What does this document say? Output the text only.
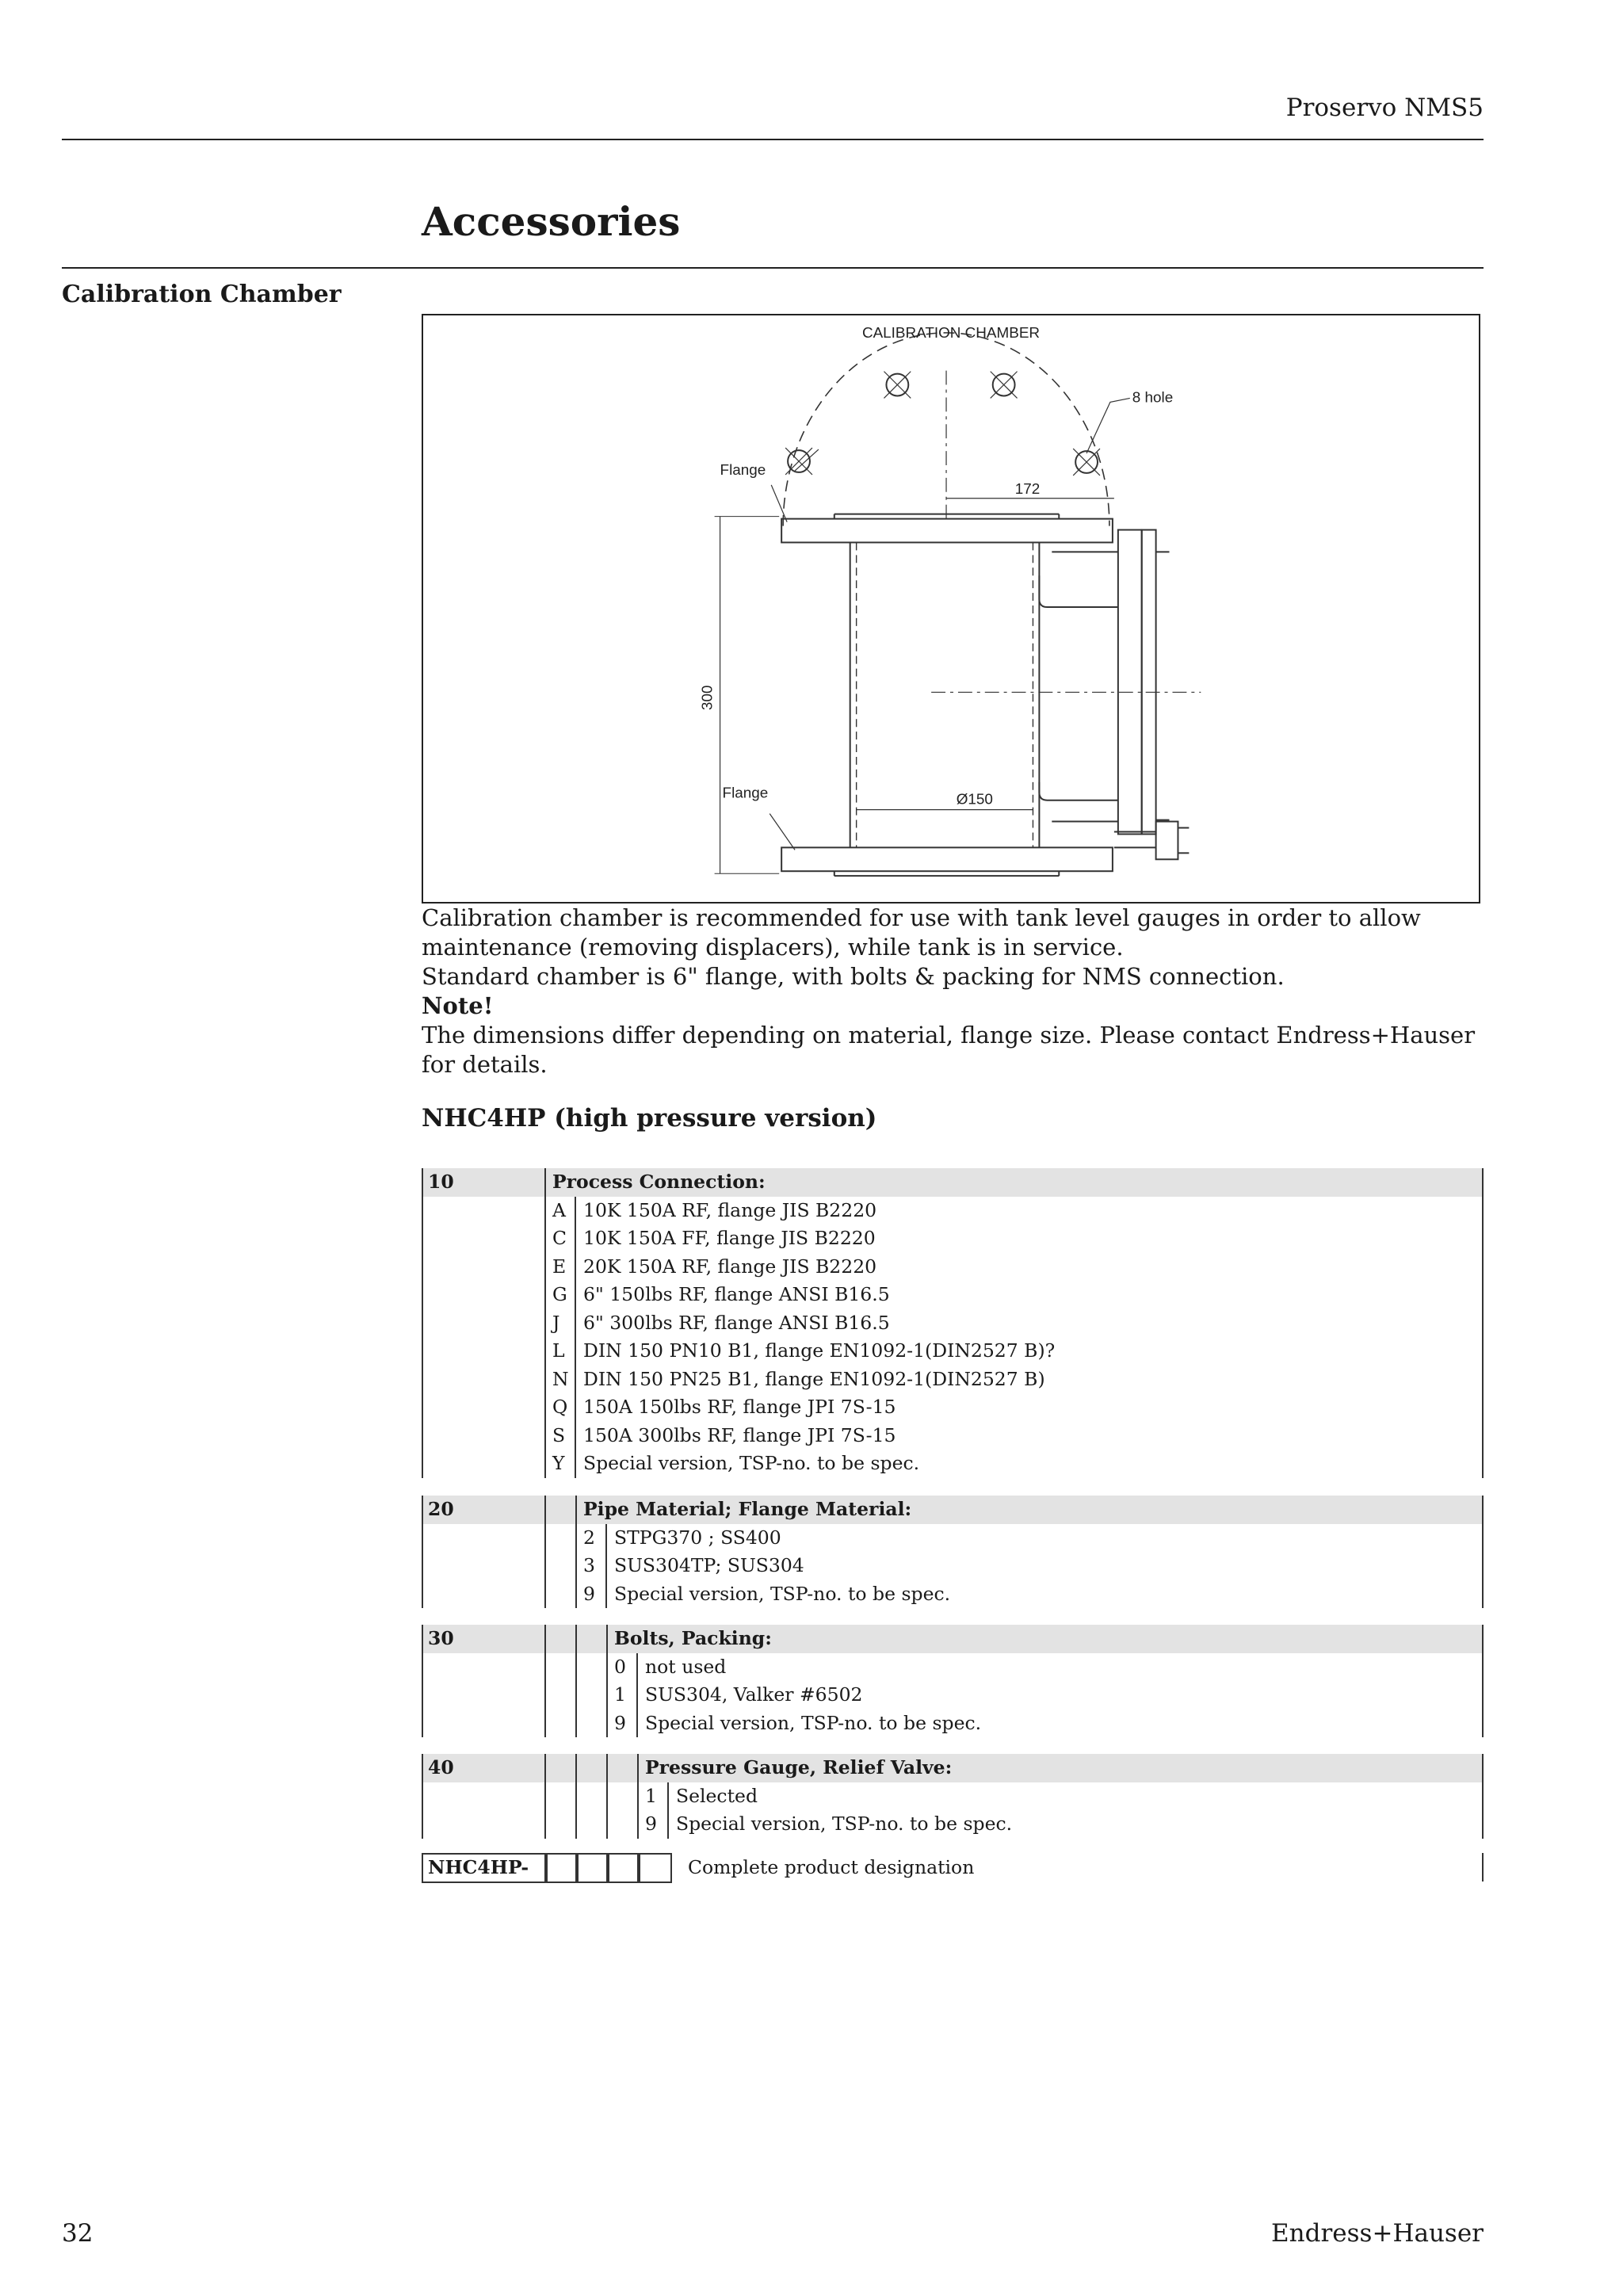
Proservo NMS5
Accessories
Calibration Chamber
CALIBRATION CHAMBER
8 hole
Flange
Flange
172
300
Ø150
Calibration chamber is recommended for use with tank level gauges in order to allow maintenance (removing displacers), while tank is in service.
Standard chamber is 6" flange, with bolts & packing for NMS connection.
Note!
The dimensions differ depending on material, flange size. Please contact Endress+Hauser for details.
NHC4HP (high pressure version)
10	Process Connection:
A 10K 150A RF, flange JIS B2220
C 10K 150A FF, flange JIS B2220
E 20K 150A RF, flange JIS B2220
G 6" 150lbs RF, flange ANSI B16.5
J 6" 300lbs RF, flange ANSI B16.5
L DIN 150 PN10 B1, flange EN1092-1(DIN2527 B)?
N DIN 150 PN25 B1, flange EN1092-1(DIN2527 B)
Q 150A 150lbs RF, flange JPI 7S-15
S 150A 300lbs RF, flange JPI 7S-15
Y Special version, TSP-no. to be spec.
20	Pipe Material; Flange Material:
2 STPG370 ; SS400
3 SUS304TP; SUS304
9 Special version, TSP-no. to be spec.
30	Bolts, Packing:
0 not used
1 SUS304, Valker #6502
9 Special version, TSP-no. to be spec.
40	Pressure Gauge, Relief Valve:
1 Selected
9 Special version, TSP-no. to be spec.
NHC4HP-	Complete product designation
32	Endress+Hauser
